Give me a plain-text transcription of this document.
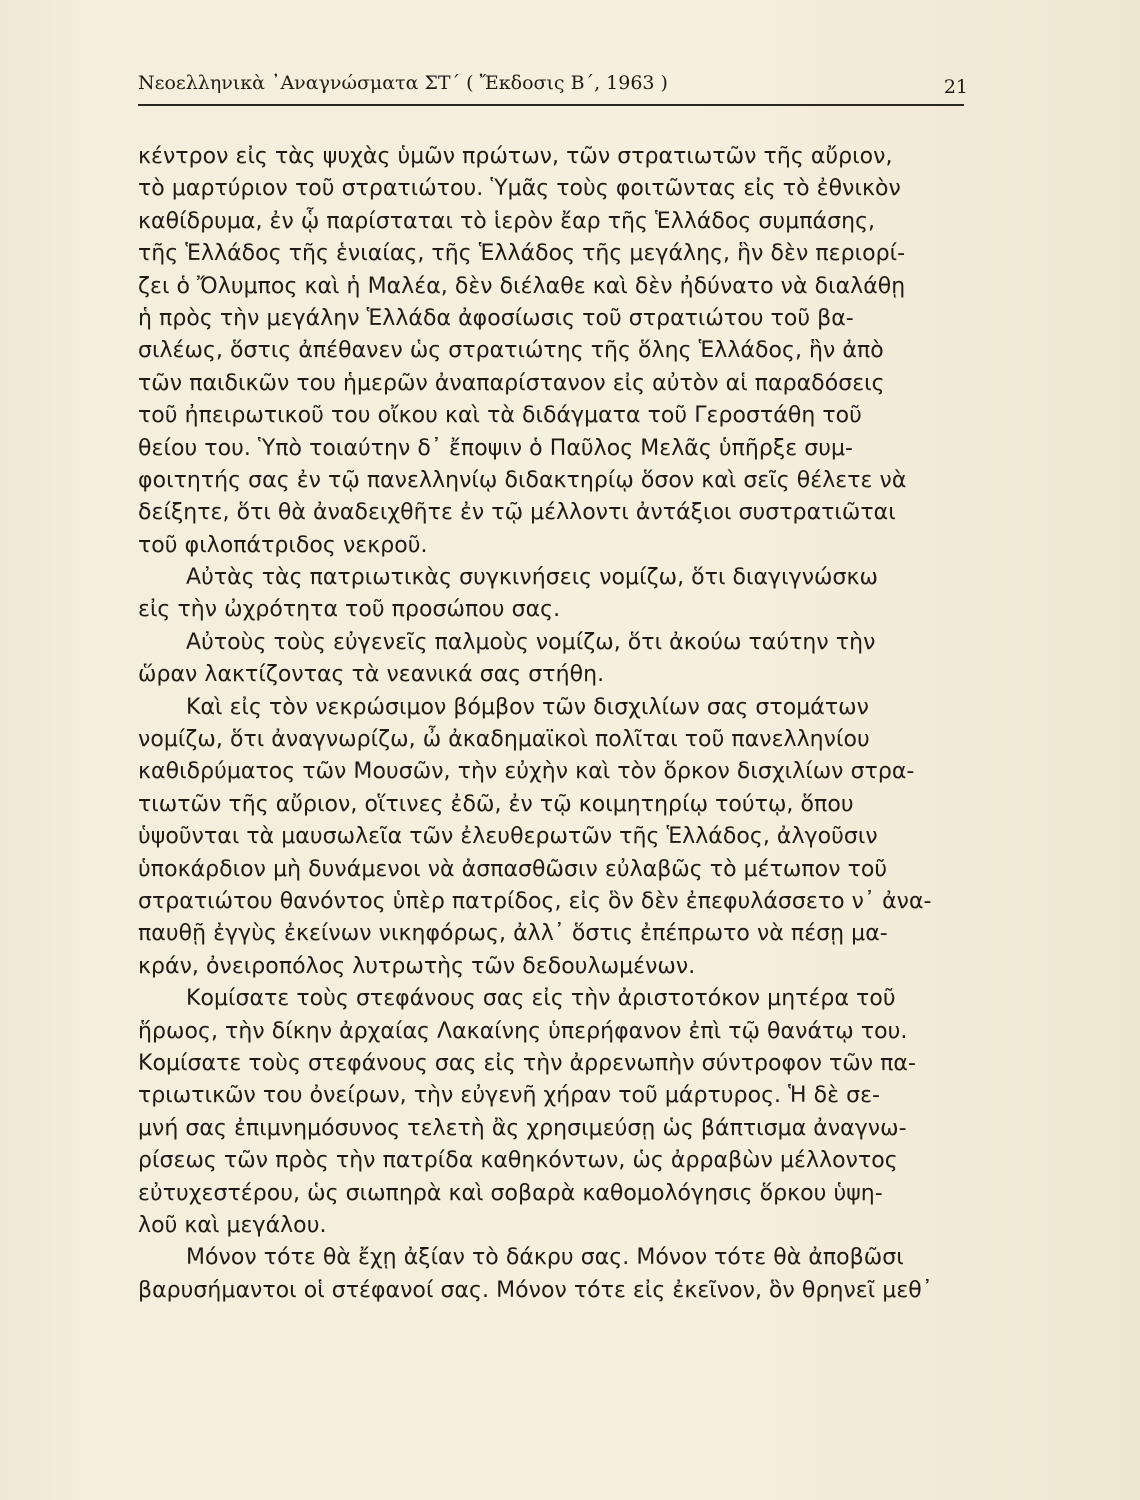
Νεοελληνικὰ ᾿Αναγνώσματα ΣΤ΄ ( Ἔκδοσις Β΄, 1963 )	21
κέντρον εἰς τὰς ψυχὰς ὑμῶν πρώτων, τῶν στρατιωτῶν τῆς αὔριον,
τὸ μαρτύριον τοῦ στρατιώτου. Ὑμᾶς τοὺς φοιτῶντας εἰς τὸ ἐθνικὸν
καθίδρυμα, ἐν ᾧ παρίσταται τὸ ἱερὸν ἔαρ τῆς Ἑλλάδος συμπάσης,
τῆς Ἑλλάδος τῆς ἑνιαίας, τῆς Ἑλλάδος τῆς μεγάλης, ἣν δὲν περιορί-
ζει ὁ Ὄλυμπος καὶ ἡ Μαλέα, δὲν διέλαθε καὶ δὲν ἠδύνατο νὰ διαλάθῃ
ἡ πρὸς τὴν μεγάλην Ἑλλάδα ἀφοσίωσις τοῦ στρατιώτου τοῦ βα-
σιλέως, ὅστις ἀπέθανεν ὡς στρατιώτης τῆς ὅλης Ἑλλάδος, ἣν ἀπὸ
τῶν παιδικῶν του ἡμερῶν ἀναπαρίστανον εἰς αὐτὸν αἱ παραδόσεις
τοῦ ἠπειρωτικοῦ του οἴκου καὶ τὰ διδάγματα τοῦ Γεροστάθη τοῦ
θείου του. Ὑπὸ τοιαύτην δ᾿ ἔποψιν ὁ Παῦλος Μελᾶς ὑπῆρξε συμ-
φοιτητής σας ἐν τῷ πανελληνίῳ διδακτηρίῳ ὅσον καὶ σεῖς θέλετε νὰ
δείξητε, ὅτι θὰ ἀναδειχθῆτε ἐν τῷ μέλλοντι ἀντάξιοι συστρατιῶται
τοῦ φιλοπάτριδος νεκροῦ.
Αὐτὰς τὰς πατριωτικὰς συγκινήσεις νομίζω, ὅτι διαγιγνώσκω
εἰς τὴν ὠχρότητα τοῦ προσώπου σας.
Αὐτοὺς τοὺς εὐγενεῖς παλμοὺς νομίζω, ὅτι ἀκούω ταύτην τὴν
ὥραν λακτίζοντας τὰ νεανικά σας στήθη.
Καὶ εἰς τὸν νεκρώσιμον βόμβον τῶν δισχιλίων σας στομάτων
νομίζω, ὅτι ἀναγνωρίζω, ὦ ἀκαδημαϊκοὶ πολῖται τοῦ πανελληνίου
καθιδρύματος τῶν Μουσῶν, τὴν εὐχὴν καὶ τὸν ὅρκον δισχιλίων στρα-
τιωτῶν τῆς αὔριον, οἵτινες ἐδῶ, ἐν τῷ κοιμητηρίῳ τούτῳ, ὅπου
ὑψοῦνται τὰ μαυσωλεῖα τῶν ἐλευθερωτῶν τῆς Ἑλλάδος, ἀλγοῦσιν
ὑποκάρδιον μὴ δυνάμενοι νὰ ἀσπασθῶσιν εὐλαβῶς τὸ μέτωπον τοῦ
στρατιώτου θανόντος ὑπὲρ πατρίδος, εἰς ὃν δὲν ἐπεφυλάσσετο ν᾿ ἀνα-
παυθῇ ἐγγὺς ἐκείνων νικηφόρως, ἀλλ᾿ ὅστις ἐπέπρωτο νὰ πέσῃ μα-
κράν, ὀνειροπόλος λυτρωτὴς τῶν δεδουλωμένων.
Κομίσατε τοὺς στεφάνους σας εἰς τὴν ἀριστοτόκον μητέρα τοῦ
ἥρωος, τὴν δίκην ἀρχαίας Λακαίνης ὑπερήφανον ἐπὶ τῷ θανάτῳ του.
Κομίσατε τοὺς στεφάνους σας εἰς τὴν ἀρρενωπὴν σύντροφον τῶν πα-
τριωτικῶν του ὀνείρων, τὴν εὐγενῆ χήραν τοῦ μάρτυρος. Ἡ δὲ σε-
μνή σας ἐπιμνημόσυνος τελετὴ ἂς χρησιμεύσῃ ὡς βάπτισμα ἀναγνω-
ρίσεως τῶν πρὸς τὴν πατρίδα καθηκόντων, ὡς ἀρραβὼν μέλλοντος
εὐτυχεστέρου, ὡς σιωπηρὰ καὶ σοβαρὰ καθομολόγησις ὅρκου ὑψη-
λοῦ καὶ μεγάλου.
Μόνον τότε θὰ ἔχῃ ἀξίαν τὸ δάκρυ σας. Μόνον τότε θὰ ἀποβῶσι
βαρυσήμαντοι οἱ στέφανοί σας. Μόνον τότε εἰς ἐκεῖνον, ὃν θρηνεῖ μεθ᾿
